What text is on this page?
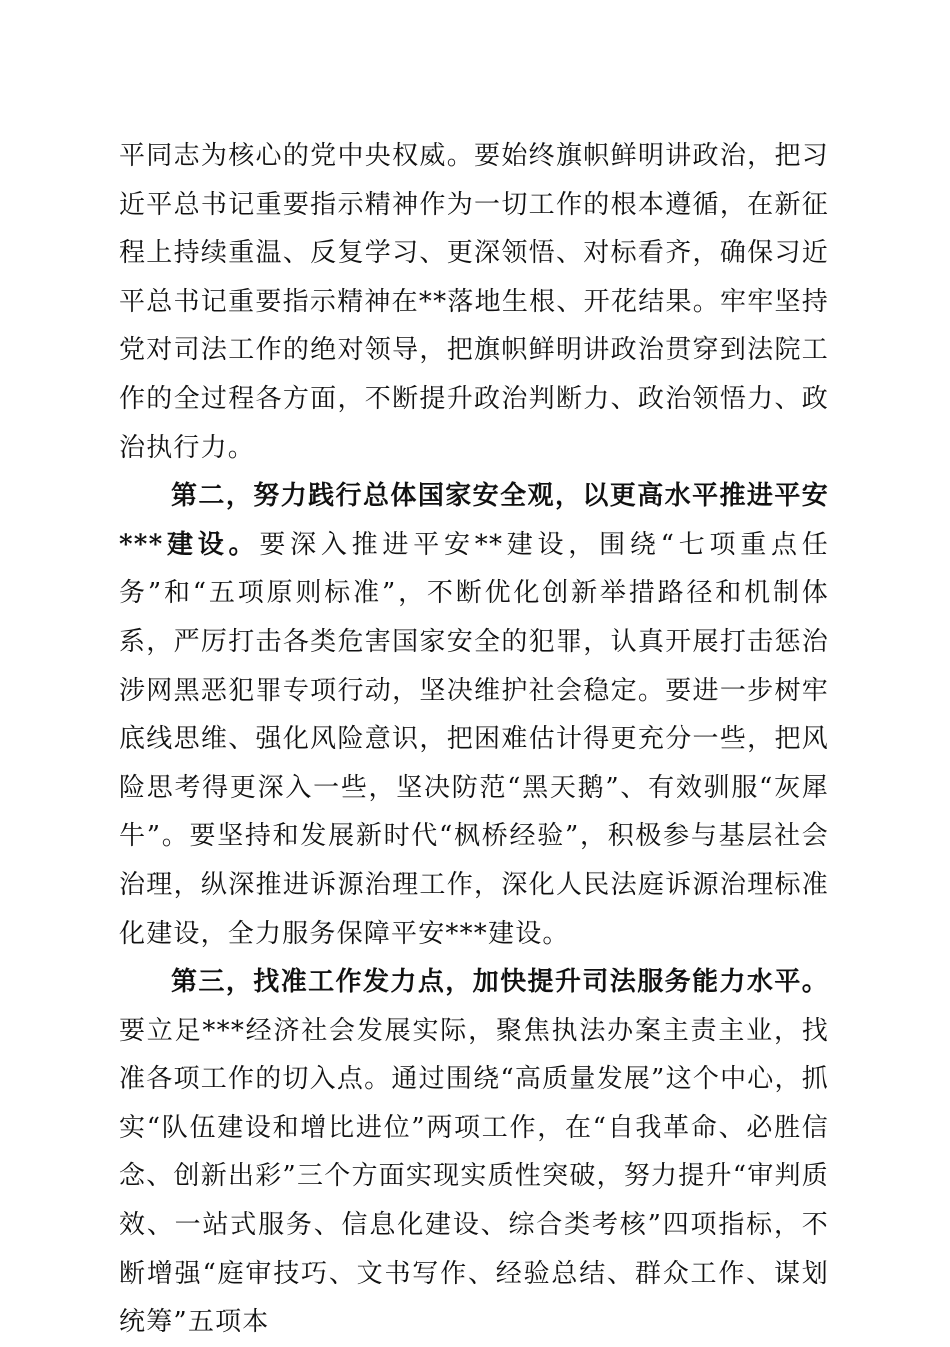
平同志为核心的党中央权威。要始终旗帜鲜明讲政治，把习近平总书记重要指示精神作为一切工作的根本遵循，在新征程上持续重温、反复学习、更深领悟、对标看齐，确保习近平总书记重要指示精神在**落地生根、开花结果。牢牢坚持党对司法工作的绝对领导，把旗帜鲜明讲政治贯穿到法院工作的全过程各方面，不断提升政治判断力、政治领悟力、政治执行力。

第二，努力践行总体国家安全观，以更高水平推进平安***建设。要深入推进平安**建设，围绕“七项重点任务”和“五项原则标准”，不断优化创新举措路径和机制体系，严厉打击各类危害国家安全的犯罪，认真开展打击惩治涉网黑恶犯罪专项行动，坚决维护社会稳定。要进一步树牢底线思维、强化风险意识，把困难估计得更充分一些，把风险思考得更深入一些，坚决防范“黑天鹅”、有效驯服“灰犀牛”。要坚持和发展新时代“枫桥经验”，积极参与基层社会治理，纵深推进诉源治理工作，深化人民法庭诉源治理标准化建设，全力服务保障平安***建设。

第三，找准工作发力点，加快提升司法服务能力水平。要立足***经济社会发展实际，聚焦执法办案主责主业，找准各项工作的切入点。通过围绕“高质量发展”这个中心，抓实“队伍建设和增比进位”两项工作，在“自我革命、必胜信念、创新出彩”三个方面实现实质性突破，努力提升“审判质效、一站式服务、信息化建设、综合类考核”四项指标，不断增强“庭审技巧、文书写作、经验总结、群众工作、谋划统筹”五项本
